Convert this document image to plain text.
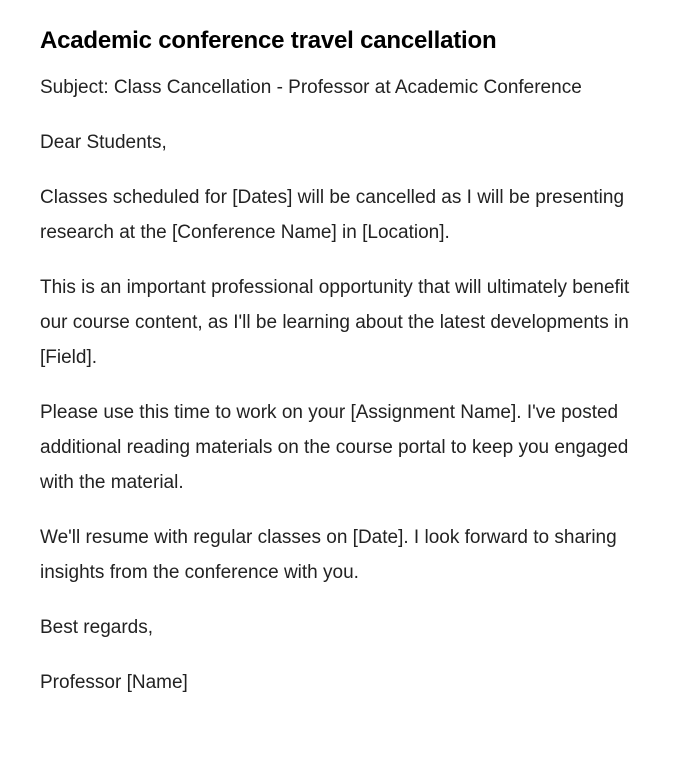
Academic conference travel cancellation

Subject: Class Cancellation - Professor at Academic Conference

Dear Students,

Classes scheduled for [Dates] will be cancelled as I will be presenting research at the [Conference Name] in [Location].

This is an important professional opportunity that will ultimately benefit our course content, as I'll be learning about the latest developments in [Field].

Please use this time to work on your [Assignment Name]. I've posted additional reading materials on the course portal to keep you engaged with the material.

We'll resume with regular classes on [Date]. I look forward to sharing insights from the conference with you.

Best regards,

Professor [Name]
